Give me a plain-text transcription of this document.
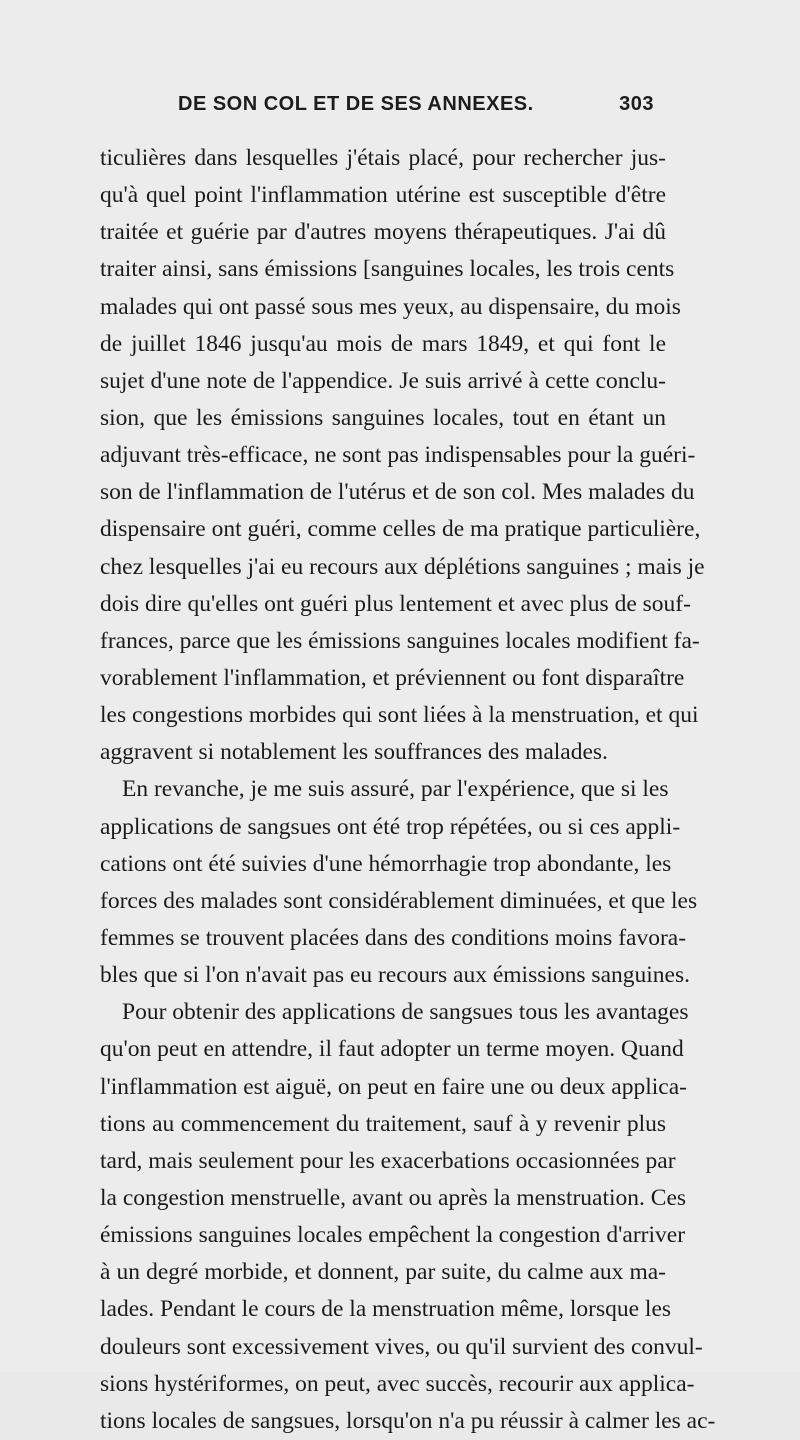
DE SON COL ET DE SES ANNEXES.	303
ticulières dans lesquelles j'étais placé, pour rechercher jus-
qu'à quel point l'inflammation utérine est susceptible d'être
traitée et guérie par d'autres moyens thérapeutiques. J'ai dû
traiter ainsi, sans émissions [sanguines locales, les trois cents
malades qui ont passé sous mes yeux, au dispensaire, du mois
de juillet 1846 jusqu'au mois de mars 1849, et qui font le
sujet d'une note de l'appendice. Je suis arrivé à cette conclu-
sion, que les émissions sanguines locales, tout en étant un
adjuvant très-efficace, ne sont pas indispensables pour la guéri-
son de l'inflammation de l'utérus et de son col. Mes malades du
dispensaire ont guéri, comme celles de ma pratique particulière,
chez lesquelles j'ai eu recours aux déplétions sanguines ; mais je
dois dire qu'elles ont guéri plus lentement et avec plus de souf-
frances, parce que les émissions sanguines locales modifient fa-
vorablement l'inflammation, et préviennent ou font disparaître
les congestions morbides qui sont liées à la menstruation, et qui
aggravent si notablement les souffrances des malades.
En revanche, je me suis assuré, par l'expérience, que si les
applications de sangsues ont été trop répétées, ou si ces appli-
cations ont été suivies d'une hémorrhagie trop abondante, les
forces des malades sont considérablement diminuées, et que les
femmes se trouvent placées dans des conditions moins favora-
bles que si l'on n'avait pas eu recours aux émissions sanguines.
Pour obtenir des applications de sangsues tous les avantages
qu'on peut en attendre, il faut adopter un terme moyen. Quand
l'inflammation est aiguë, on peut en faire une ou deux applica-
tions au commencement du traitement, sauf à y revenir plus
tard, mais seulement pour les exacerbations occasionnées par
la congestion menstruelle, avant ou après la menstruation. Ces
émissions sanguines locales empêchent la congestion d'arriver
à un degré morbide, et donnent, par suite, du calme aux ma-
lades. Pendant le cours de la menstruation même, lorsque les
douleurs sont excessivement vives, ou qu'il survient des convul-
sions hystériformes, on peut, avec succès, recourir aux applica-
tions locales de sangsues, lorsqu'on n'a pu réussir à calmer les ac-
